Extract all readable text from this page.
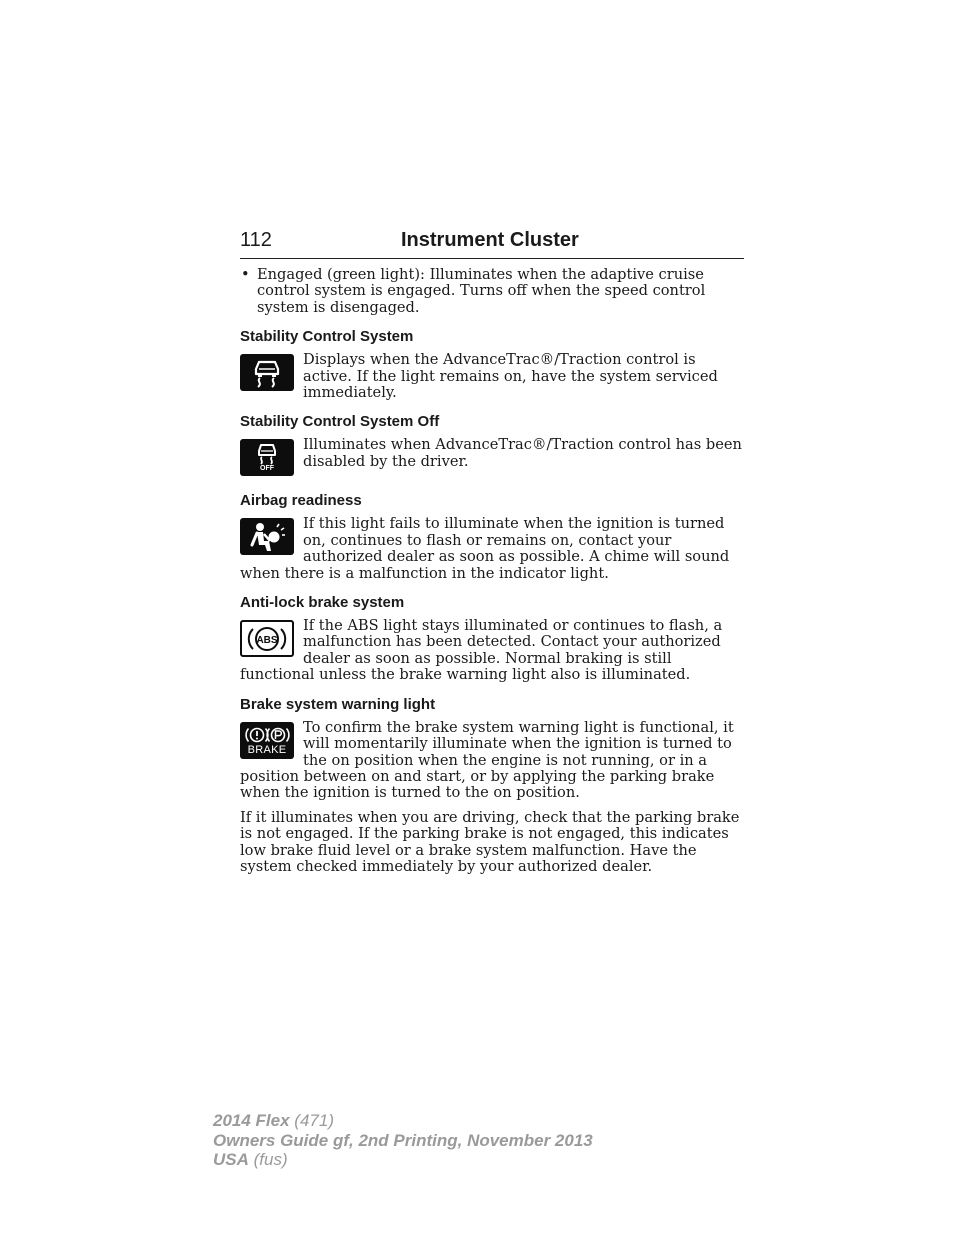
112	Instrument Cluster
• Engaged (green light): Illuminates when the adaptive cruise control system is engaged. Turns off when the speed control system is disengaged.
Stability Control System

Displays when the AdvanceTrac®/Traction control is active. If the light remains on, have the system serviced immediately.

Stability Control System Off
OFF

Illuminates when AdvanceTrac®/Traction control has been disabled by the driver.

Airbag readiness

If this light fails to illuminate when the ignition is turned on, continues to flash or remains on, contact your authorized dealer as soon as possible. A chime will sound when there is a malfunction in the indicator light.

Anti-lock brake system
ABS

If the ABS light stays illuminated or continues to flash, a malfunction has been detected. Contact your authorized dealer as soon as possible. Normal braking is still functional unless the brake warning light also is illuminated.

Brake system warning light
BRAKE

To confirm the brake system warning light is functional, it will momentarily illuminate when the ignition is turned to the on position when the engine is not running, or in a position between on and start, or by applying the parking brake when the ignition is turned to the on position.

If it illuminates when you are driving, check that the parking brake is not engaged. If the parking brake is not engaged, this indicates low brake fluid level or a brake system malfunction. Have the system checked immediately by your authorized dealer.

2014 Flex (471)
Owners Guide gf, 2nd Printing, November 2013
USA (fus)
